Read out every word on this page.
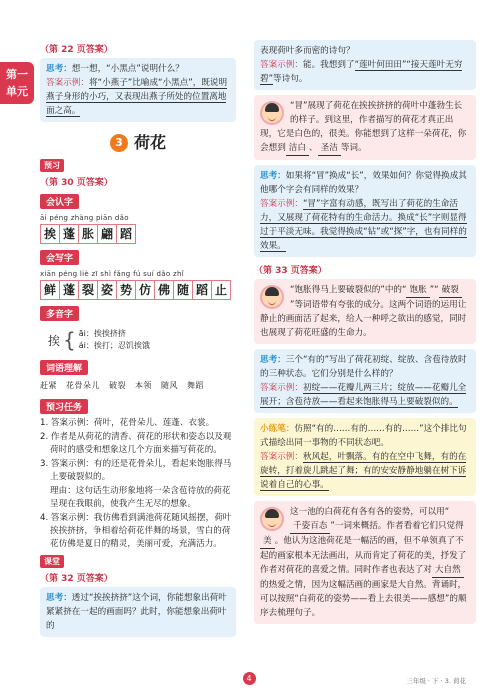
第一
单元
（第 22 页答案）
思考：想一想，“小黑点”说明什么？
答案示例：将“小燕子”比喻成“小黑点”，既说明燕子身形的小巧，又表现出燕子所处的位置离地面之高。
3 荷花
预习
（第 30 页答案）
会认字
āi péng zhàng piān dǎo
挨 蓬 胀 翩 蹈
会写字
xiān péng liè zī shì fǎng fú suí dǎo zhǐ
鲜 蓬 裂 姿 势 仿 佛 随 蹈 止
多音字
挨 { āi：挨挨挤挤
ái：挨打；忍饥挨饿
词语理解
赶紧 花骨朵儿 破裂 本领 随风 舞蹈
预习任务

1. 答案示例：荷叶，花骨朵儿、莲蓬、衣裳。

2. 作者是从荷花的清香、荷花的形状和姿态以及观荷时的感受和想象这几个方面来描写荷花的。

3. 答案示例：有的还是花骨朵儿，看起来饱胀得马上要破裂似的。

理由：这句话生动形象地将一朵含苞待放的荷花呈现在我眼前，使我产生无尽的想象。

4. 答案示例：我仿佛看到满池荷花随风摇摆，荷叶挨挨挤挤，争相着给荷花伴舞的场景，雪白的荷花仿佛是夏日的精灵，美丽可爱，充满活力。

课堂
（第 32 页答案）
思考：透过“挨挨挤挤”这个词，你能想象出荷叶紧紧挤在一起的画面吗？此时，你能想象出荷叶的
表现荷叶多而密的诗句？
答案示例：能。我想到了“莲叶何田田”“接天莲叶无穷碧”等诗句。
“冒”展现了荷花在挨挨挤挤的荷叶中蓬勃生长的样子。到这里，作者描写的荷花才真正出现，它是白色的，很美。你能想到了这样一朵荷花，你会想到 洁白 、 圣洁 等词。
思考：如果将“冒”换成“长”，效果如何？你觉得换成其他哪个字会有同样的效果？
答案示例：“冒”字富有动感，既写出了荷花的生命活力，又展现了荷花特有的生命活力。换成“长”字则显得过于平淡无味。我觉得换成“钻”或“探”字，也有同样的效果。
（第 33 页答案）
“饱胀得马上要破裂似的”中的“ 饱胀 ”“ 破裂”等词语带有夸张的成分。这两个词语的运用让静止的画面活了起来，给人一种呼之欲出的感觉，同时也展现了荷花旺盛的生命力。
思考：三个“有的”写出了荷花初绽、绽放、含苞待放时的三种状态。它们分别是什么样的？
答案示例：初绽——花瓣儿两三片；绽放——花瓣儿全展开；含苞待放——看起来饱胀得马上要破裂似的。
小练笔：仿照“有的……有的……有的……”这个排比句式描绘出同一事物的不同状态吧。
答案示例：秋风起，叶飘落。有的在空中飞舞，有的在旋转，打着旋儿跳起了舞；有的安安静静地躺在树下诉说着自己的心事。
这一池的白荷花有各有各的姿势，可以用“千姿百态 ”一词来概括。作者看着它们只觉得美 。他认为这池荷花是一幅活的画，但不单领真了不起的画家根本无法画出，从而肯定了荷花的美，抒发了作者对荷花的喜爱之情。同时作者也表达了对 大自然的热爱之情，因为这幅活画的画家是大自然。背诵时，可以按照“白荷花的姿势——看上去很美——感想”的顺序去梳理句子。
4	三年级 · 下 · 3. 荷花
